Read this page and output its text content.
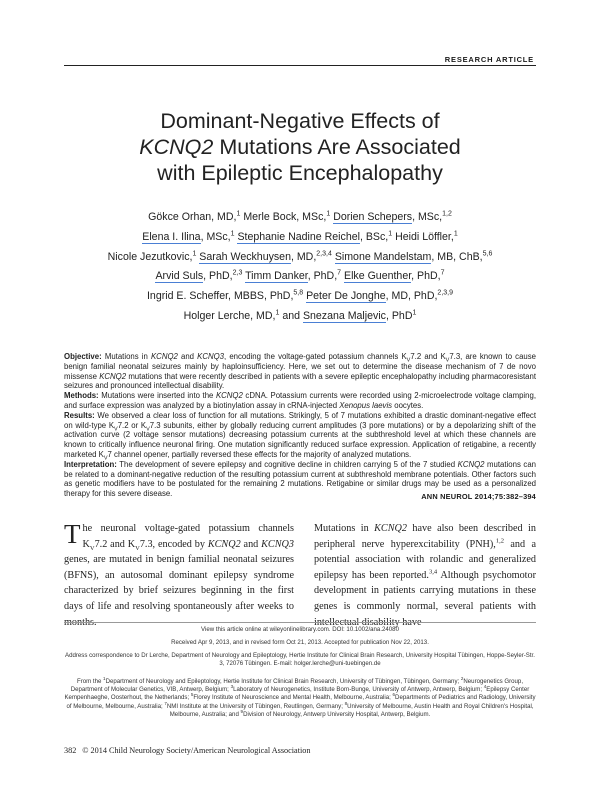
RESEARCH ARTICLE
Dominant-Negative Effects of
KCNQ2 Mutations Are Associated
with Epileptic Encephalopathy
Gökce Orhan, MD,$^1$ Merle Bock, MSc,$^1$ Dorien Schepers, MSc,$^{1,2}$
Elena I. Ilina, MSc,$^1$ Stephanie Nadine Reichel, BSc,$^1$ Heidi Löffler,$^1$
Nicole Jezutkovic,$^1$ Sarah Weckhuysen, MD,$^{2,3,4}$ Simone Mandelstam, MB, ChB,$^{5,6}$
Arvid Suls, PhD,$^{2,3}$ Timm Danker, PhD,$^7$ Elke Guenther, PhD,$^7$
Ingrid E. Scheffer, MBBS, PhD,$^{5,8}$ Peter De Jonghe, MD, PhD,$^{2,3,9}$
Holger Lerche, MD,$^1$ and Snezana Maljevic, PhD$^1$

Objective: Mutations in KCNQ2 and KCNQ3, encoding the voltage-gated potassium channels $K_V7.2$ and $K_V7.3$, are known to cause benign familial neonatal seizures mainly by haploinsufficiency. Here, we set out to determine the disease mechanism of 7 de novo missense KCNQ2 mutations that were recently described in patients with a severe epileptic encephalopathy including pharmacoresistant seizures and pronounced intellectual disability.

Methods: Mutations were inserted into the KCNQ2 cDNA. Potassium currents were recorded using 2-microelectrode voltage clamping, and surface expression was analyzed by a biotinylation assay in cRNA-injected Xenopus laevis oocytes.

Results: We observed a clear loss of function for all mutations. Strikingly, 5 of 7 mutations exhibited a drastic dominant-negative effect on wild-type $K_V7.2$ or $K_V7.3$ subunits, either by globally reducing current amplitudes (3 pore mutations) or by a depolarizing shift of the activation curve (2 voltage sensor mutations) decreasing potassium currents at the subthreshold level at which these channels are known to critically influence neuronal firing. One mutation significantly reduced surface expression. Application of retigabine, a recently marketed $K_V7$ channel opener, partially reversed these effects for the majority of analyzed mutations.

Interpretation: The development of severe epilepsy and cognitive decline in children carrying 5 of the 7 studied KCNQ2 mutations can be related to a dominant-negative reduction of the resulting potassium current at subthreshold membrane potentials. Other factors such as genetic modifiers have to be postulated for the remaining 2 mutations. Retigabine or similar drugs may be used as a personalized therapy for this severe disease.	ANN NEUROL 2014;75:382–394
The neuronal voltage-gated potassium channels $K_V7.2$ and $K_V7.3$, encoded by KCNQ2 and KCNQ3 genes, are mutated in benign familial neonatal seizures (BFNS), an autosomal dominant epilepsy syndrome characterized by brief seizures beginning in the first days of life and resolving spontaneously after weeks to months.
Mutations in KCNQ2 have also been described in peripheral nerve hyperexcitability (PNH),$^{1,2}$ and a potential association with rolandic and generalized epilepsy has been reported.$^{3,4}$ Although psychomotor development in patients carrying mutations in these genes is commonly normal, several patients with intellectual disability have
View this article online at wileyonlinelibrary.com. DOI: 10.1002/ana.24080
Received Apr 9, 2013, and in revised form Oct 21, 2013. Accepted for publication Nov 22, 2013.
Address correspondence to Dr Lerche, Department of Neurology and Epileptology, Hertie Institute for Clinical Brain Research, University Hospital Tübingen, Hoppe-Seyler-Str. 3, 72076 Tübingen. E-mail: holger.lerche@uni-tuebingen.de
From the $^1$Department of Neurology and Epileptology, Hertie Institute for Clinical Brain Research, University of Tübingen, Tübingen, Germany; $^2$Neurogenetics Group, Department of Molecular Genetics, VIB, Antwerp, Belgium; $^3$Laboratory of Neurogenetics, Institute Born-Bunge, University of Antwerp, Antwerp, Belgium; $^4$Epilepsy Center Kempenhaeghe, Oosterhout, the Netherlands; $^5$Florey Institute of Neuroscience and Mental Health, Melbourne, Australia; $^6$Departments of Pediatrics and Radiology, University of Melbourne, Melbourne, Australia; $^7$NMI Institute at the University of Tübingen, Reutlingen, Germany; $^8$University of Melbourne, Austin Health and Royal Children's Hospital, Melbourne, Australia; and $^9$Division of Neurology, Antwerp University Hospital, Antwerp, Belgium.
382 © 2014 Child Neurology Society/American Neurological Association
